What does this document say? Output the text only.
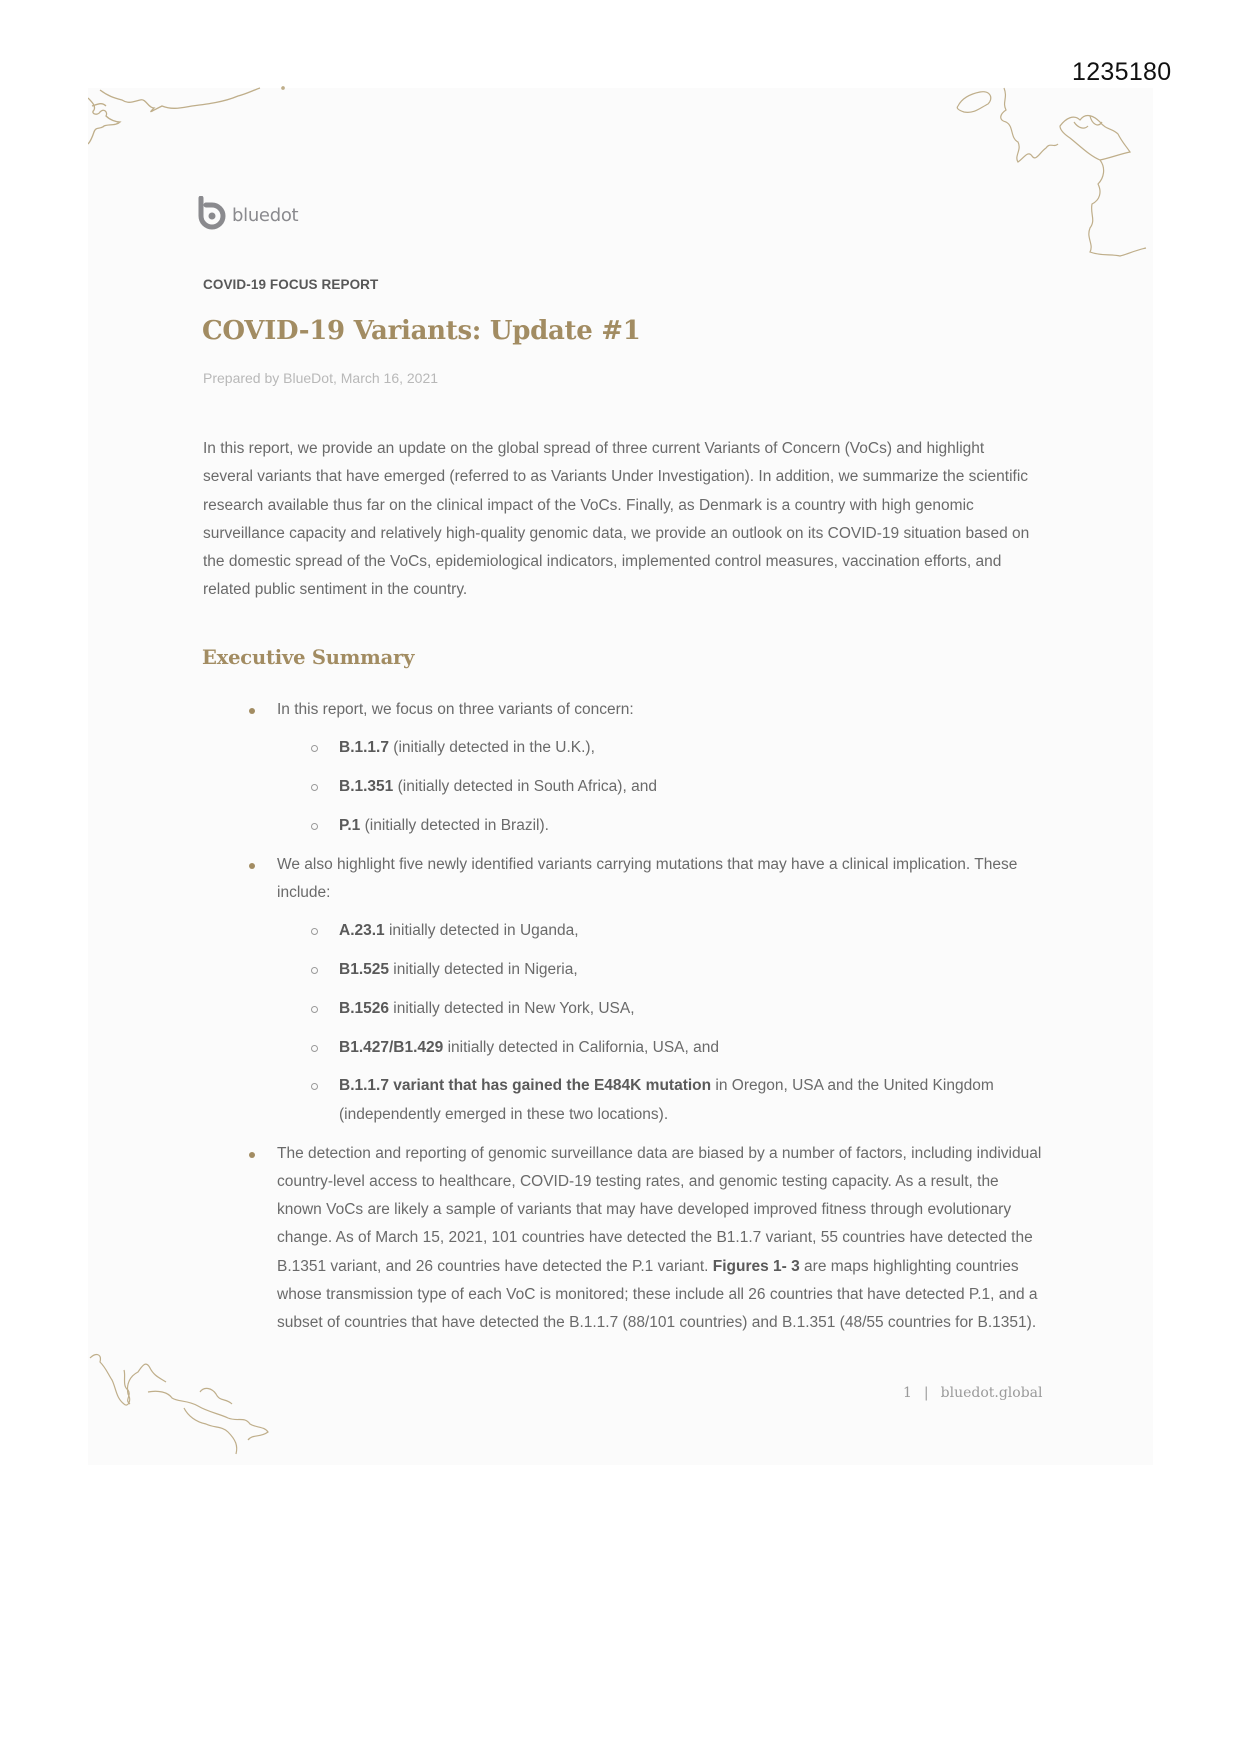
1235180
bluedot
COVID-19 FOCUS REPORT
COVID-19 Variants: Update #1
Prepared by BlueDot, March 16, 2021

In this report, we provide an update on the global spread of three current Variants of Concern (VoCs) and highlight several variants that have emerged (referred to as Variants Under Investigation). In addition, we summarize the scientific research available thus far on the clinical impact of the VoCs. Finally, as Denmark is a country with high genomic surveillance capacity and relatively high-quality genomic data, we provide an outlook on its COVID-19 situation based on the domestic spread of the VoCs, epidemiological indicators, implemented control measures, vaccination efforts, and related public sentiment in the country.

Executive Summary
In this report, we focus on three variants of concern:
B.1.1.7 (initially detected in the U.K.),
B.1.351 (initially detected in South Africa), and
P.1 (initially detected in Brazil).
We also highlight five newly identified variants carrying mutations that may have a clinical implication. These include:
A.23.1 initially detected in Uganda,
B1.525 initially detected in Nigeria,
B.1526 initially detected in New York, USA,
B1.427/B1.429 initially detected in California, USA, and
B.1.1.7 variant that has gained the E484K mutation in Oregon, USA and the United Kingdom (independently emerged in these two locations).
The detection and reporting of genomic surveillance data are biased by a number of factors, including individual country-level access to healthcare, COVID-19 testing rates, and genomic testing capacity. As a result, the known VoCs are likely a sample of variants that may have developed improved fitness through evolutionary change. As of March 15, 2021, 101 countries have detected the B1.1.7 variant, 55 countries have detected the B.1351 variant, and 26 countries have detected the P.1 variant. Figures 1- 3 are maps highlighting countries whose transmission type of each VoC is monitored; these include all 26 countries that have detected P.1, and a subset of countries that have detected the B.1.1.7 (88/101 countries) and B.1.351 (48/55 countries for B.1351).
1 | bluedot.global
